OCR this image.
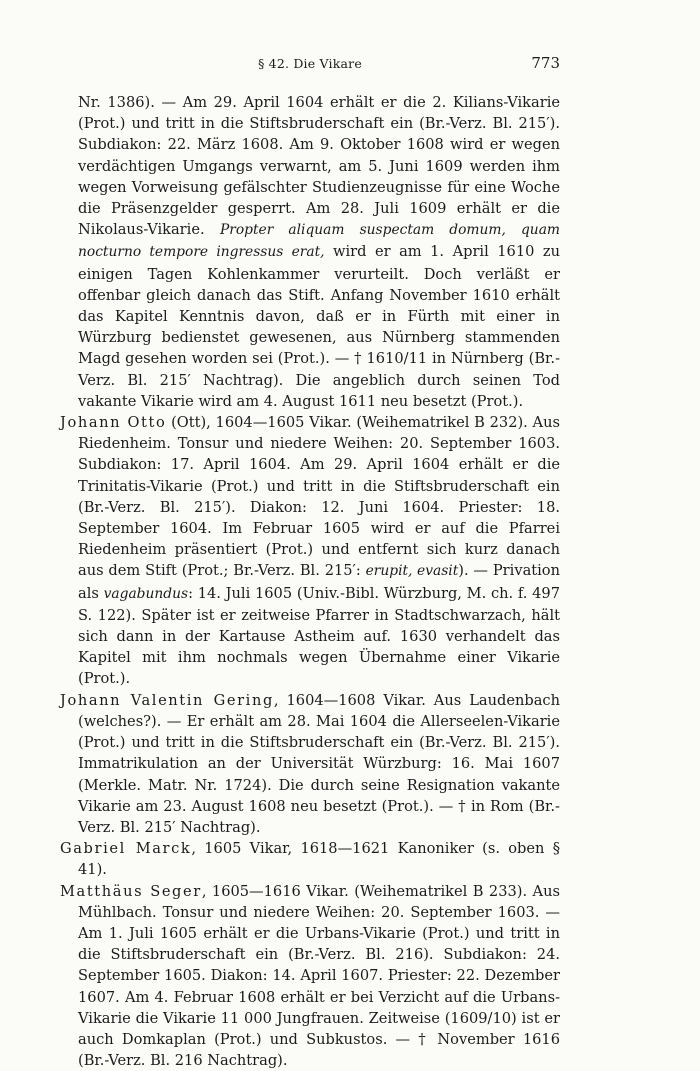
§ 42. Die Vikare	773

Nr. 1386). — Am 29. April 1604 erhält er die 2. Kilians-Vikarie (Prot.) und tritt in die Stiftsbruderschaft ein (Br.-Verz. Bl. 215′). Subdiakon: 22. März 1608. Am 9. Oktober 1608 wird er wegen verdächtigen Umgangs verwarnt, am 5. Juni 1609 werden ihm wegen Vorweisung gefälschter Studienzeugnisse für eine Woche die Präsenzgelder gesperrt. Am 28. Juli 1609 erhält er die Nikolaus-Vikarie. Propter aliquam suspectam domum, quam nocturno tempore ingressus erat, wird er am 1. April 1610 zu einigen Tagen Kohlenkammer verurteilt. Doch verläßt er offenbar gleich danach das Stift. Anfang November 1610 erhält das Kapitel Kenntnis davon, daß er in Fürth mit einer in Würzburg bedienstet gewesenen, aus Nürnberg stammenden Magd gesehen worden sei (Prot.). — † 1610/11 in Nürnberg (Br.-Verz. Bl. 215′ Nachtrag). Die angeblich durch seinen Tod vakante Vikarie wird am 4. August 1611 neu besetzt (Prot.).

Johann Otto (Ott), 1604—1605 Vikar. (Weihematrikel B 232). Aus Riedenheim. Tonsur und niedere Weihen: 20. September 1603. Subdiakon: 17. April 1604. Am 29. April 1604 erhält er die Trinitatis-Vikarie (Prot.) und tritt in die Stiftsbruderschaft ein (Br.-Verz. Bl. 215′). Diakon: 12. Juni 1604. Priester: 18. September 1604. Im Februar 1605 wird er auf die Pfarrei Riedenheim präsentiert (Prot.) und entfernt sich kurz danach aus dem Stift (Prot.; Br.-Verz. Bl. 215′: erupit, evasit). — Privation als vagabundus: 14. Juli 1605 (Univ.-Bibl. Würzburg, M. ch. f. 497 S. 122). Später ist er zeitweise Pfarrer in Stadtschwarzach, hält sich dann in der Kartause Astheim auf. 1630 verhandelt das Kapitel mit ihm nochmals wegen Übernahme einer Vikarie (Prot.).

Johann Valentin Gering, 1604—1608 Vikar. Aus Laudenbach (welches?). — Er erhält am 28. Mai 1604 die Allerseelen-Vikarie (Prot.) und tritt in die Stiftsbruderschaft ein (Br.-Verz. Bl. 215′). Immatrikulation an der Universität Würzburg: 16. Mai 1607 (Merkle. Matr. Nr. 1724). Die durch seine Resignation vakante Vikarie am 23. August 1608 neu besetzt (Prot.). — † in Rom (Br.-Verz. Bl. 215′ Nachtrag).

Gabriel Marck, 1605 Vikar, 1618—1621 Kanoniker (s. oben § 41).

Matthäus Seger, 1605—1616 Vikar. (Weihematrikel B 233). Aus Mühlbach. Tonsur und niedere Weihen: 20. September 1603. — Am 1. Juli 1605 erhält er die Urbans-Vikarie (Prot.) und tritt in die Stiftsbruderschaft ein (Br.-Verz. Bl. 216). Subdiakon: 24. September 1605. Diakon: 14. April 1607. Priester: 22. Dezember 1607. Am 4. Februar 1608 erhält er bei Verzicht auf die Urbans-Vikarie die Vikarie 11 000 Jungfrauen. Zeitweise (1609/10) ist er auch Domkaplan (Prot.) und Subkustos. — † November 1616 (Br.-Verz. Bl. 216 Nachtrag).
